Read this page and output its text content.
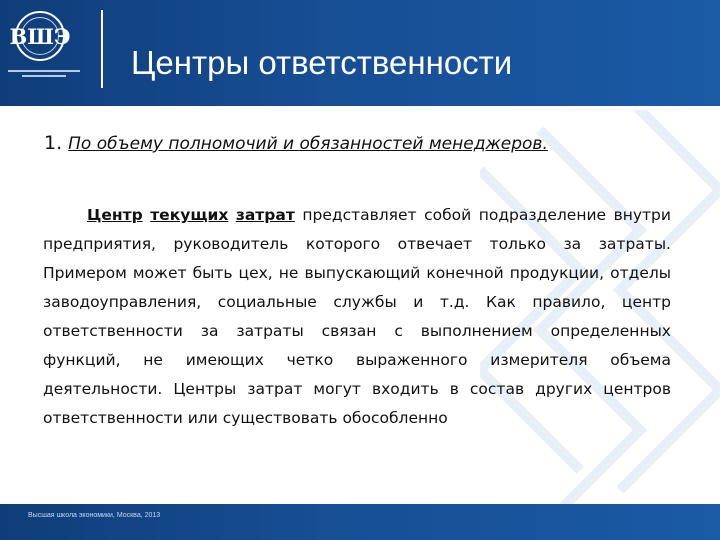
ВШЭ
Центры ответственности
1. По объему полномочий и обязанностей менеджеров.
Центр текущих затрат представляет собой подразделение внутри предприятия, руководитель которого отвечает только за затраты. Примером может быть цех, не выпускающий конечной продукции, отделы заводоуправления, социальные службы и т.д. Как правило, центр ответственности за затраты связан с выполнением определенных функций, не имеющих четко выраженного измерителя объема деятельности. Центры затрат могут входить в состав других центров ответственности или существовать обособленно
Высшая школа экономики, Москва, 2013
